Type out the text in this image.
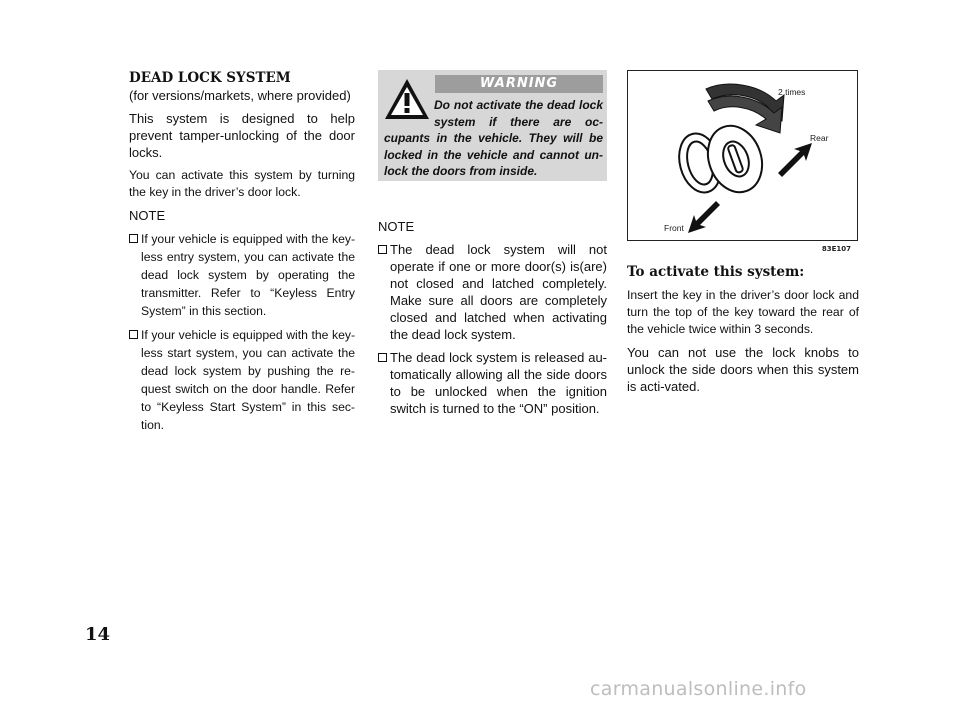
DEAD LOCK SYSTEM

(for versions/markets, where provided)

This system is designed to help prevent tamper-unlocking of the door locks.

You can activate this system by turning the key in the driver’s door lock.

NOTE

If your vehicle is equipped with the key-less entry system, you can activate the dead lock system by operating the transmitter. Refer to “Keyless Entry System” in this section.
If your vehicle is equipped with the key-less start system, you can activate the dead lock system by pushing the re-quest switch on the door handle. Refer to “Keyless Start System” in this sec-tion.
WARNING

Do not activate the dead lock system if there are oc-cupants in the vehicle. They will be locked in the vehicle and cannot un-lock the doors from inside.

NOTE

The dead lock system will not operate if one or more door(s) is(are) not closed and latched completely. Make sure all doors are completely closed and latched when activating the dead lock system.
The dead lock system is released au-tomatically allowing all the side doors to be unlocked when the ignition switch is turned to the “ON” position.
2 times
Rear
Front
83E107

To activate this system:

Insert the key in the driver’s door lock and turn the top of the key toward the rear of the vehicle twice within 3 seconds.

You can not use the lock knobs to unlock the side doors when this system is acti-vated.

14
carmanualsonline.info
